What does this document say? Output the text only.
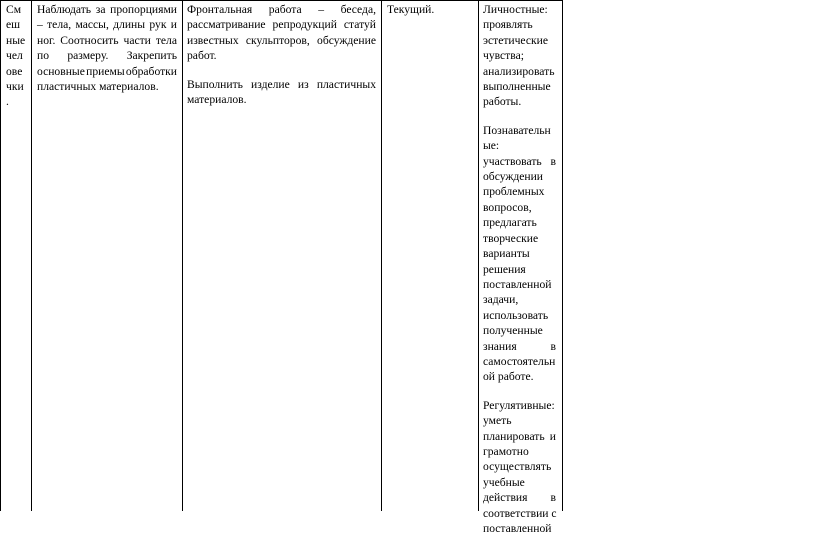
См
еш
ные
чел
ове
чки
.
Наблюдать за пропорциями
– тела, массы, длины рук и
ног. Соотносить части тела
по размеру. Закрепить
основные приемы обработки
пластичных материалов.
Фронтальная работа – беседа,
рассматривание репродукций статуй
известных скульпторов, обсуждение
работ.
Выполнить изделие из пластичных
материалов.
Текущий.	Личностные:
проявлять
эстетические
чувства;
анализировать
выполненные
работы.
Познавательн
ые:
участвовать в
обсуждении
проблемных
вопросов,
предлагать
творческие
варианты
решения
поставленной
задачи,
использовать
полученные
знания	в
самостоятельн
ой работе.
Регулятивные:
уметь
планировать и
грамотно
осуществлять
учебные
действия в
соответствии с
поставленной
